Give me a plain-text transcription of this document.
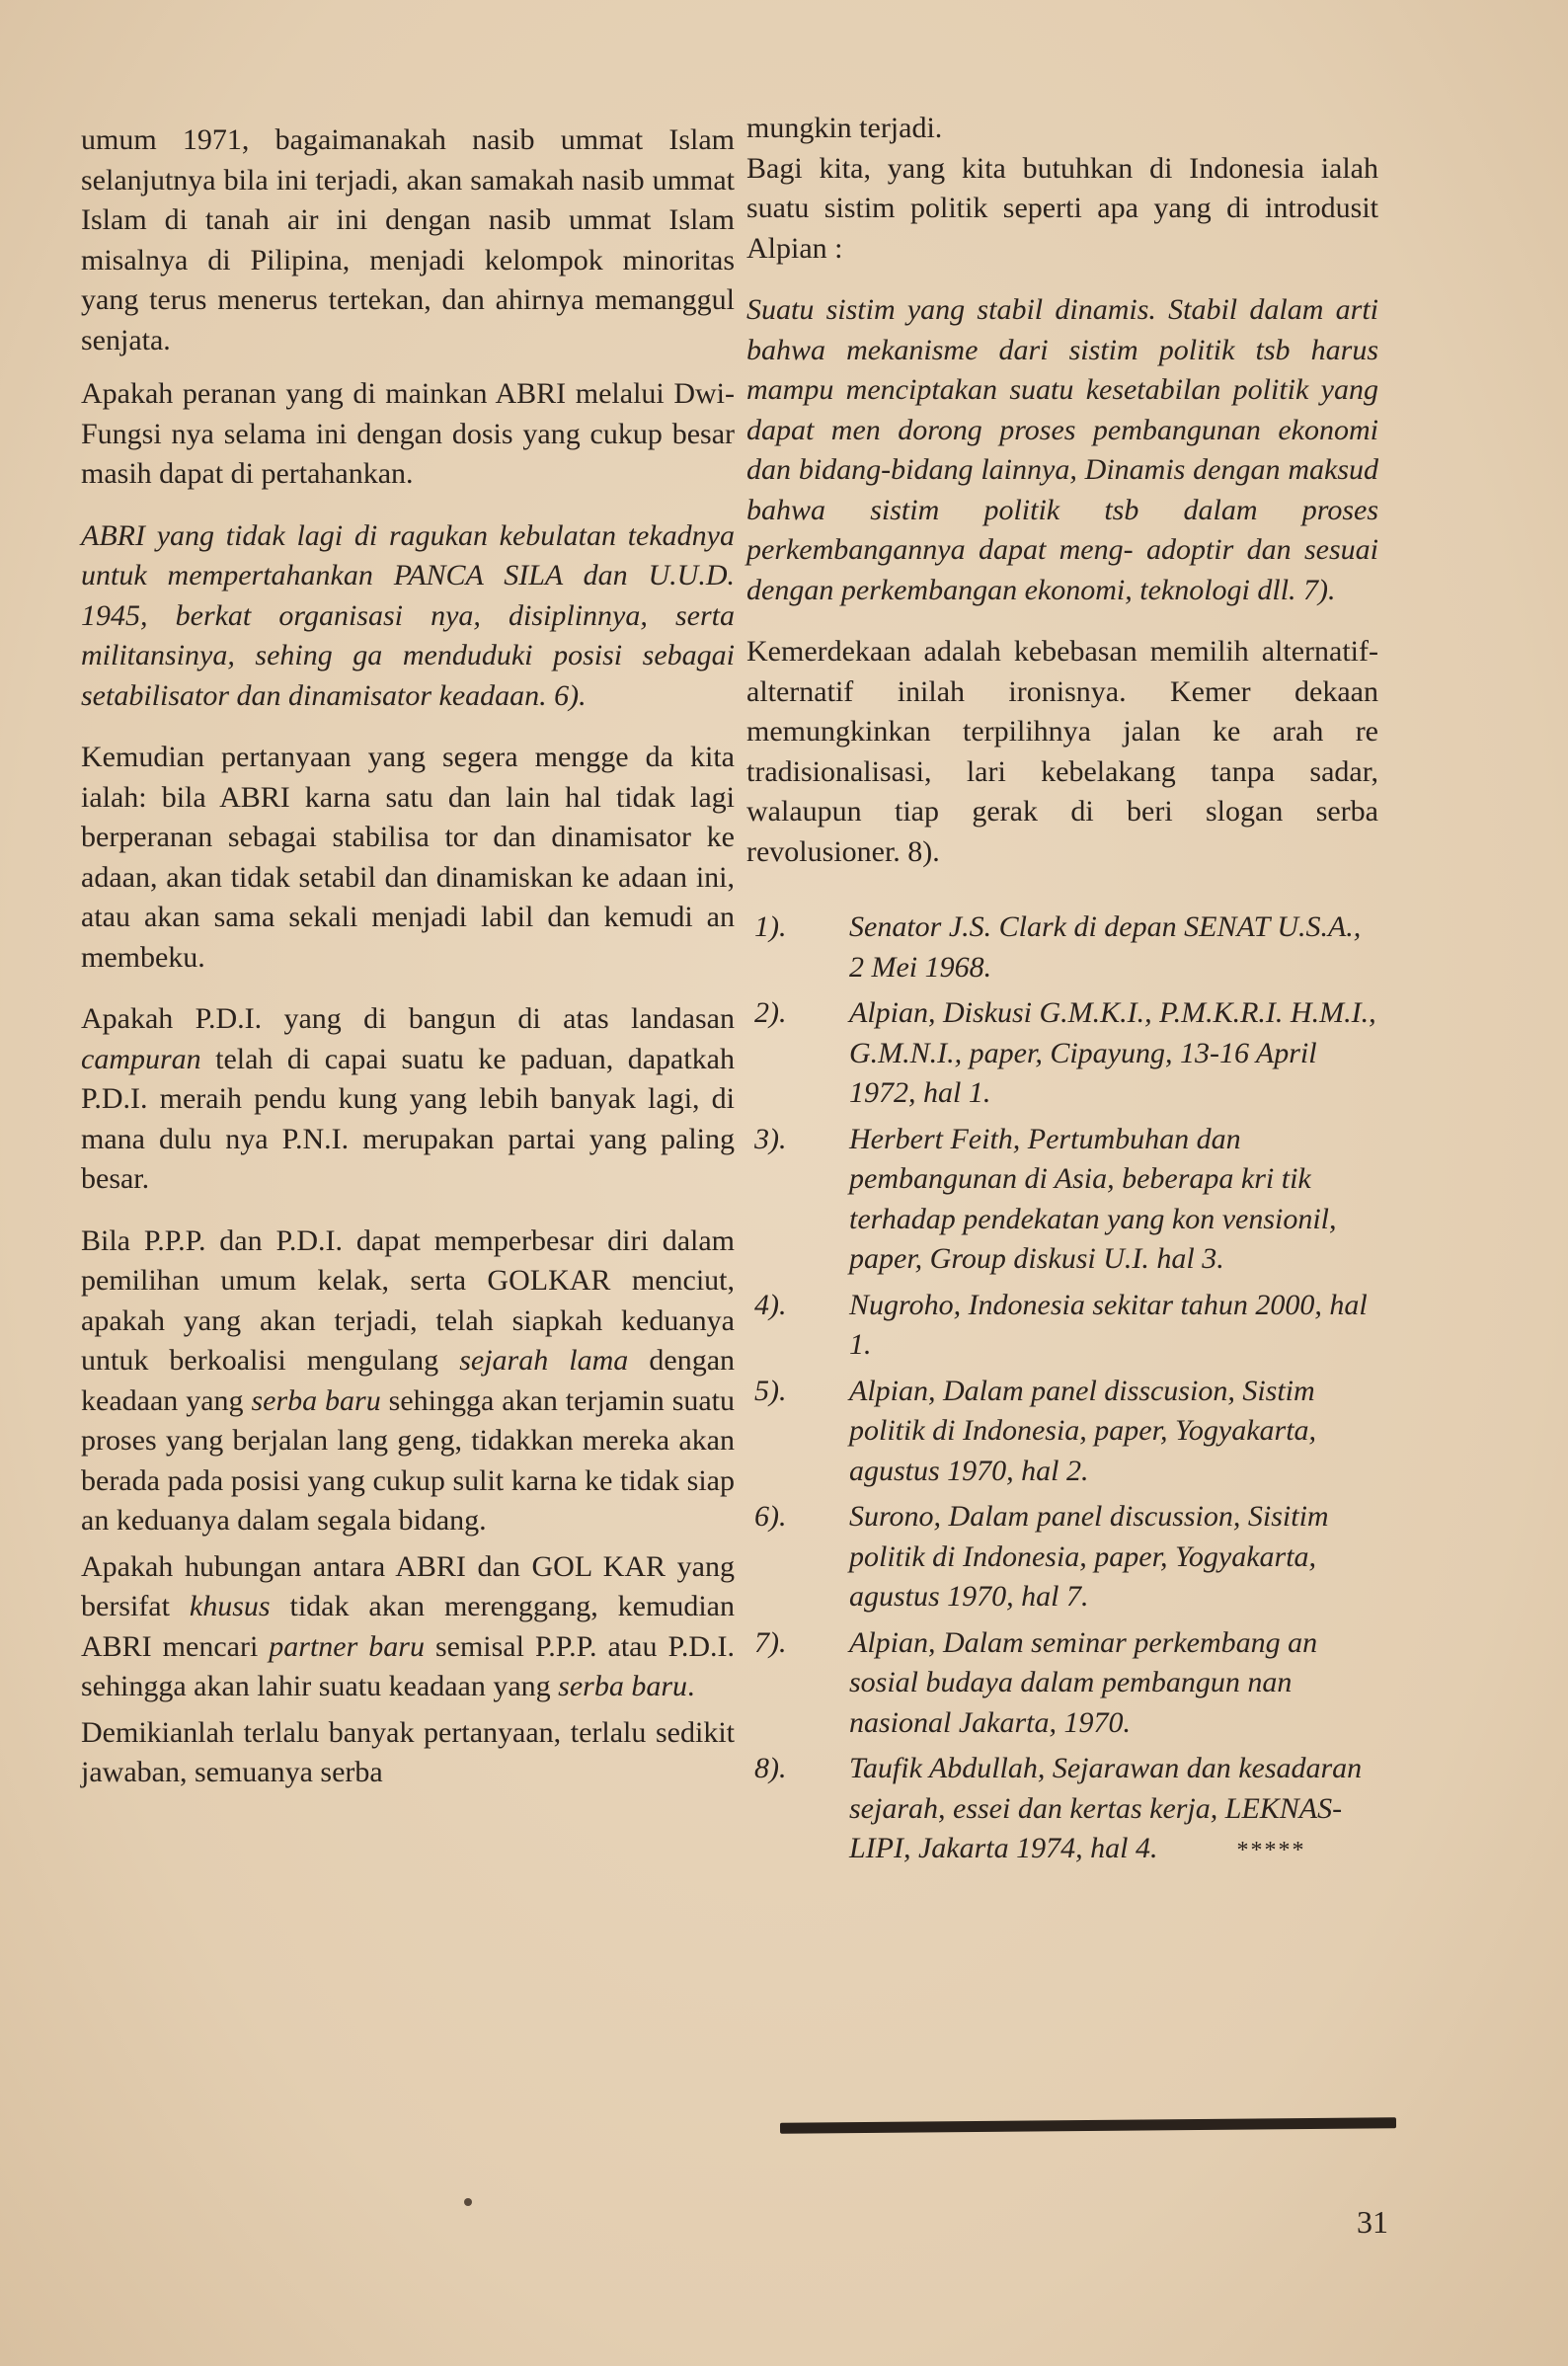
umum 1971, bagaimanakah nasib ummat Islam selanjutnya bila ini terjadi, akan samakah nasib ummat Islam di tanah air ini dengan nasib ummat Islam misalnya di Pilipina, menjadi kelompok minoritas yang terus menerus tertekan, dan ahirnya memanggul senjata.

Apakah peranan yang di mainkan ABRI melalui Dwi-Fungsi nya selama ini dengan dosis yang cukup besar masih dapat di pertahankan.

ABRI yang tidak lagi di ragukan kebulatan tekadnya untuk mempertahankan PANCA SILA dan U.U.D. 1945, berkat organisasi nya, disiplinnya, serta militansinya, sehing ga menduduki posisi sebagai setabilisator dan dinamisator keadaan. 6).

Kemudian pertanyaan yang segera mengge da kita ialah: bila ABRI karna satu dan lain hal tidak lagi berperanan sebagai stabilisa tor dan dinamisator ke adaan, akan tidak setabil dan dinamiskan ke adaan ini, atau akan sama sekali menjadi labil dan kemudi an membeku.

Apakah P.D.I. yang di bangun di atas landasan campuran telah di capai suatu ke paduan, dapatkah P.D.I. meraih pendu kung yang lebih banyak lagi, di mana dulu nya P.N.I. merupakan partai yang paling besar.

Bila P.P.P. dan P.D.I. dapat memperbesar diri dalam pemilihan umum kelak, serta GOLKAR menciut, apakah yang akan terjadi, telah siapkah keduanya untuk berkoalisi mengulang sejarah lama dengan keadaan yang serba baru sehingga akan terjamin suatu proses yang berjalan lang geng, tidakkan mereka akan berada pada posisi yang cukup sulit karna ke tidak siap an keduanya dalam segala bidang.

Apakah hubungan antara ABRI dan GOL KAR yang bersifat khusus tidak akan merenggang, kemudian ABRI mencari partner baru semisal P.P.P. atau P.D.I. sehingga akan lahir suatu keadaan yang serba baru.

Demikianlah terlalu banyak pertanyaan, terlalu sedikit jawaban, semuanya serba

mungkin terjadi.

Bagi kita, yang kita butuhkan di Indonesia ialah suatu sistim politik seperti apa yang di introdusit Alpian :

Suatu sistim yang stabil dinamis. Stabil dalam arti bahwa mekanisme dari sistim politik tsb harus mampu menciptakan suatu kesetabilan politik yang dapat men dorong proses pembangunan ekonomi dan bidang-bidang lainnya, Dinamis dengan maksud bahwa sistim politik tsb dalam proses perkembangannya dapat meng- adoptir dan sesuai dengan perkembangan ekonomi, teknologi dll. 7).

Kemerdekaan adalah kebebasan memilih alternatif-alternatif inilah ironisnya. Kemer dekaan memungkinkan terpilihnya jalan ke arah re tradisionalisasi, lari kebelakang tanpa sadar, walaupun tiap gerak di beri slogan serba revolusioner. 8).

1).	Senator J.S. Clark di depan SENAT U.S.A., 2 Mei 1968.
2).	Alpian, Diskusi G.M.K.I., P.M.K.R.I. H.M.I., G.M.N.I., paper, Cipayung, 13-16 April 1972, hal 1.
3).	Herbert Feith, Pertumbuhan dan pembangunan di Asia, beberapa kri tik terhadap pendekatan yang kon vensionil, paper, Group diskusi U.I. hal 3.
4).	Nugroho, Indonesia sekitar tahun 2000, hal 1.
5).	Alpian, Dalam panel disscusion, Sistim politik di Indonesia, paper, Yogyakarta, agustus 1970, hal 2.
6).	Surono, Dalam panel discussion, Sisitim politik di Indonesia, paper, Yogyakarta, agustus 1970, hal 7.
7).	Alpian, Dalam seminar perkembang an sosial budaya dalam pembangun nan nasional Jakarta, 1970.
8).	Taufik Abdullah, Sejarawan dan kesadaran sejarah, essei dan kertas kerja, LEKNAS-LIPI, Jakarta 1974, hal 4.	*****
31
